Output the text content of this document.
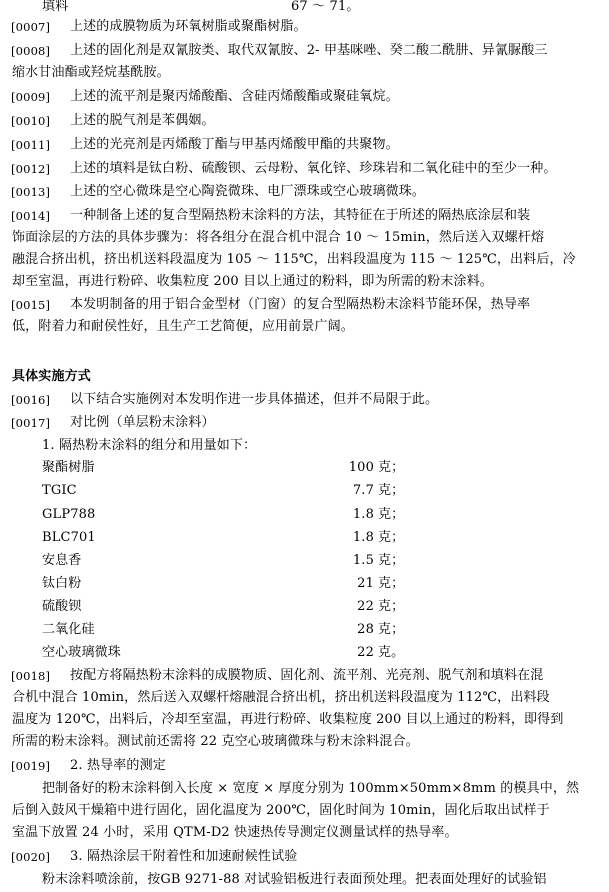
填料	67 ～ 71。
[0007] 上述的成膜物质为环氧树脂或聚酯树脂。
[0008] 上述的固化剂是双氰胺类、取代双氰胺、2- 甲基咪唑、癸二酸二酰肼、异氰脲酸三
缩水甘油酯或羟烷基酰胺。
[0009] 上述的流平剂是聚丙烯酸酯、含硅丙烯酸酯或聚硅氧烷。
[0010] 上述的脱气剂是苯偶姻。
[0011] 上述的光亮剂是丙烯酸丁酯与甲基丙烯酸甲酯的共聚物。
[0012] 上述的填料是钛白粉、硫酸钡、云母粉、氧化锌、珍珠岩和二氧化硅中的至少一种。
[0013] 上述的空心微珠是空心陶瓷微珠、电厂漂珠或空心玻璃微珠。
[0014] 一种制备上述的复合型隔热粉末涂料的方法，其特征在于所述的隔热底涂层和装
饰面涂层的方法的具体步骤为：将各组分在混合机中混合 10 ～ 15min，然后送入双螺杆熔
融混合挤出机，挤出机送料段温度为 105 ～ 115℃，出料段温度为 115 ～ 125℃，出料后，冷
却至室温，再进行粉碎、收集粒度 200 目以上通过的粉料，即为所需的粉末涂料。
[0015] 本发明制备的用于铝合金型材（门窗）的复合型隔热粉末涂料节能环保，热导率
低，附着力和耐侯性好，且生产工艺简便，应用前景广阔。
具体实施方式
[0016] 以下结合实施例对本发明作进一步具体描述，但并不局限于此。
[0017] 对比例（单层粉末涂料）
1. 隔热粉末涂料的组分和用量如下：
聚酯树脂	100 克；
TGIC	7.7 克；
GLP788	1.8 克；
BLC701	1.8 克；
安息香	1.5 克；
钛白粉	21 克；
硫酸钡	22 克；
二氧化硅	28 克；
空心玻璃微珠	22 克。
[0018] 按配方将隔热粉末涂料的成膜物质、固化剂、流平剂、光亮剂、脱气剂和填料在混
合机中混合 10min，然后送入双螺杆熔融混合挤出机，挤出机送料段温度为 112℃，出料段
温度为 120℃，出料后，冷却至室温，再进行粉碎、收集粒度 200 目以上通过的粉料，即得到
所需的粉末涂料。测试前还需将 22 克空心玻璃微珠与粉末涂料混合。
[0019] 2. 热导率的测定
把制备好的粉末涂料倒入长度 × 宽度 × 厚度分别为 100mm×50mm×8mm 的模具中，然
后倒入鼓风干燥箱中进行固化，固化温度为 200℃，固化时间为 10min，固化后取出试样于
室温下放置 24 小时，采用 QTM-D2 快速热传导测定仪测量试样的热导率。
[0020] 3. 隔热涂层干附着性和加速耐候性试验
粉末涂料喷涂前，按GB 9271-88 对试验铝板进行表面预处理。把表面处理好的试验铝
